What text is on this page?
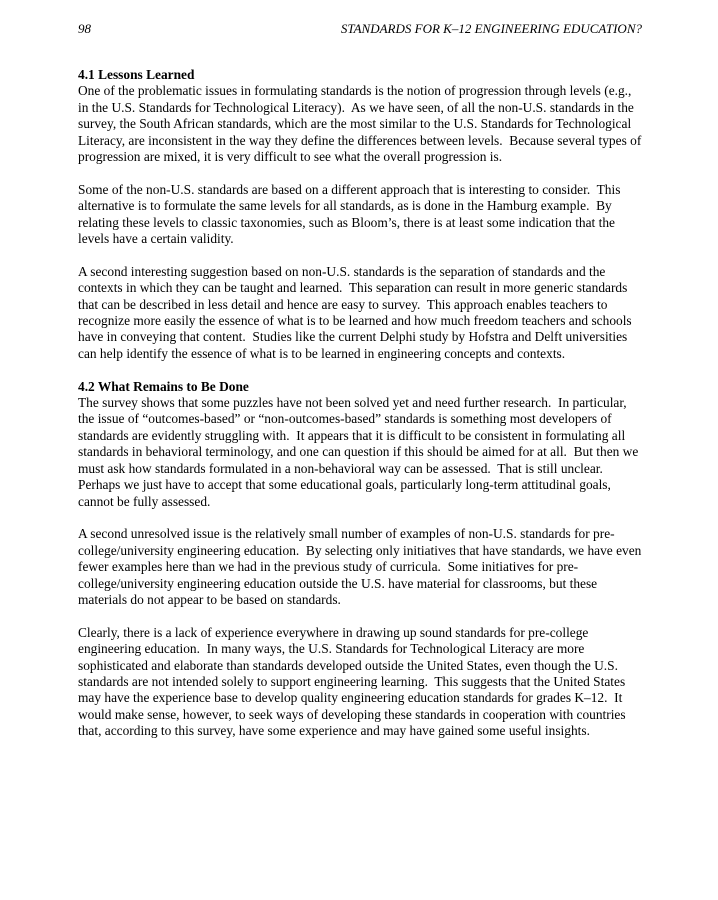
98	STANDARDS FOR K–12 ENGINEERING EDUCATION?
4.1 Lessons Learned

One of the problematic issues in formulating standards is the notion of progression through levels (e.g., in the U.S. Standards for Technological Literacy).  As we have seen, of all the non-U.S. standards in the survey, the South African standards, which are the most similar to the U.S. Standards for Technological Literacy, are inconsistent in the way they define the differences between levels.  Because several types of progression are mixed, it is very difficult to see what the overall progression is.

Some of the non-U.S. standards are based on a different approach that is interesting to consider.  This alternative is to formulate the same levels for all standards, as is done in the Hamburg example.  By relating these levels to classic taxonomies, such as Bloom’s, there is at least some indication that the levels have a certain validity.

A second interesting suggestion based on non-U.S. standards is the separation of standards and the contexts in which they can be taught and learned.  This separation can result in more generic standards that can be described in less detail and hence are easy to survey.  This approach enables teachers to recognize more easily the essence of what is to be learned and how much freedom teachers and schools have in conveying that content.  Studies like the current Delphi study by Hofstra and Delft universities can help identify the essence of what is to be learned in engineering concepts and contexts.

4.2 What Remains to Be Done

The survey shows that some puzzles have not been solved yet and need further research.  In particular, the issue of “outcomes-based” or “non-outcomes-based” standards is something most developers of standards are evidently struggling with.  It appears that it is difficult to be consistent in formulating all standards in behavioral terminology, and one can question if this should be aimed for at all.  But then we must ask how standards formulated in a non-behavioral way can be assessed.  That is still unclear.  Perhaps we just have to accept that some educational goals, particularly long-term attitudinal goals, cannot be fully assessed.

A second unresolved issue is the relatively small number of examples of non-U.S. standards for pre-college/university engineering education.  By selecting only initiatives that have standards, we have even fewer examples here than we had in the previous study of curricula.  Some initiatives for pre-college/university engineering education outside the U.S. have material for classrooms, but these materials do not appear to be based on standards.

Clearly, there is a lack of experience everywhere in drawing up sound standards for pre-college engineering education.  In many ways, the U.S. Standards for Technological Literacy are more sophisticated and elaborate than standards developed outside the United States, even though the U.S. standards are not intended solely to support engineering learning.  This suggests that the United States may have the experience base to develop quality engineering education standards for grades K–12.  It would make sense, however, to seek ways of developing these standards in cooperation with countries that, according to this survey, have some experience and may have gained some useful insights.
